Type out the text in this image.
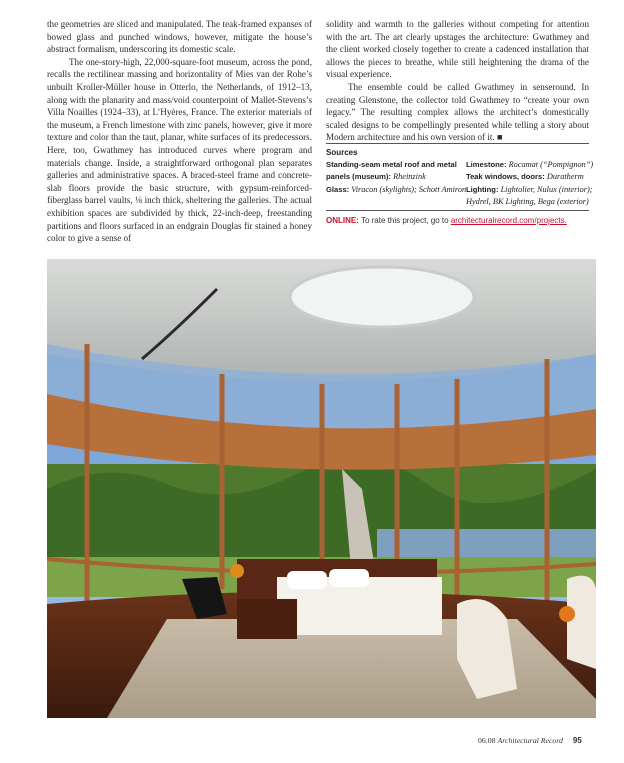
the geometries are sliced and manipulated. The teak-framed expanses of bowed glass and punched windows, however, mitigate the house’s abstract formalism, underscoring its domestic scale.

The one-story-high, 22,000-square-foot museum, across the pond, recalls the rectilinear massing and horizontality of Mies van der Rohe’s unbuilt Kroller-Müller house in Otterlo, the Netherlands, of 1912–13, along with the planarity and mass/void counterpoint of Mallet-Stevens’s Villa Noailles (1924–33), at L’Hyères, France. The exterior materials of the museum, a French limestone with zinc panels, however, give it more texture and color than the taut, planar, white surfaces of its predecessors. Here, too, Gwathmey has introduced curves where program and materials change. Inside, a straightforward orthogonal plan separates galleries and administrative spaces. A braced-steel frame and concrete-slab floors provide the basic structure, with gypsum-reinforced-fiberglass barrel vaults, ⅛ inch thick, sheltering the galleries. The actual exhibition spaces are subdivided by thick, 22-inch-deep, freestanding partitions and floors surfaced in an endgrain Douglas fir stained a honey color to give a sense of

solidity and warmth to the galleries without competing for attention with the art. The art clearly upstages the architecture: Gwathmey and the client worked closely together to create a cadenced installation that allows the pieces to breathe, while still heightening the drama of the visual experience.

The ensemble could be called Gwathmey in senseround. In creating Glenstone, the collector told Gwathmey to “create your own legacy.” The resulting complex allows the architect’s domestically scaled designs to be compellingly presented while telling a story about Modern architecture and his own version of it. ■

Sources
Standing-seam metal roof and metal panels (museum): Rheinzink
Glass: Viracon (skylights); Schott Amiron
Limestone: Rocamat (“Pompignon”)
Teak windows, doors: Duratherm
Lighting: Lightolier, Nulux (interior); Hydrel, BK Lighting, Bega (exterior)
ONLINE: To rate this project, go to architecturalrecord.com/projects.
06.08 Architectural Record 95
